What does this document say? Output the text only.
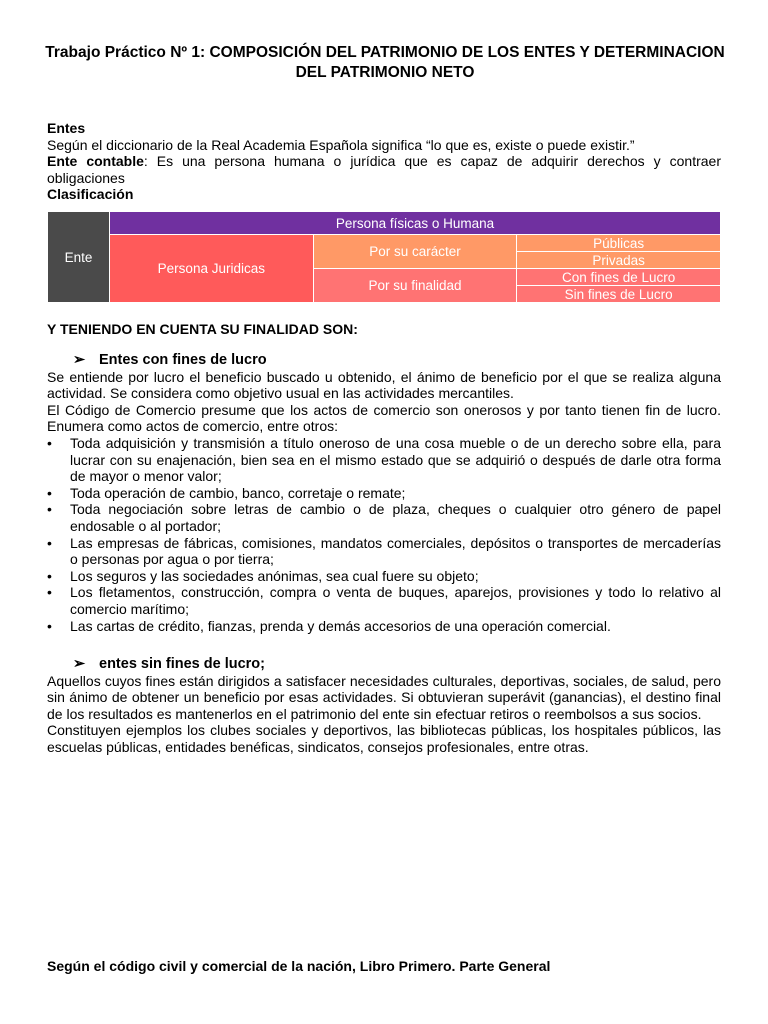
Trabajo Práctico Nº 1: COMPOSICIÓN DEL PATRIMONIO DE LOS ENTES Y DETERMINACION
DEL PATRIMONIO NETO

Entes

Según el diccionario de la Real Academia Española significa “lo que es, existe o puede existir.”

Ente contable: Es una persona humana o jurídica que es capaz de adquirir derechos y contraer obligaciones

Clasificación

Ente	Persona físicas o Humana		
	Persona Juridicas	Por su carácter	Públicas
			Privadas
		Por su finalidad	Con fines de Lucro
			Sin fines de Lucro
Y TENIENDO EN CUENTA SU FINALIDAD SON:

➢ Entes con fines de lucro

Se entiende por lucro el beneficio buscado u obtenido, el ánimo de beneficio por el que se realiza alguna actividad. Se considera como objetivo usual en las actividades mercantiles.

El Código de Comercio presume que los actos de comercio son onerosos y por tanto tienen fin de lucro. Enumera como actos de comercio, entre otros:

• Toda adquisición y transmisión a título oneroso de una cosa mueble o de un derecho sobre ella, para lucrar con su enajenación, bien sea en el mismo estado que se adquirió o después de darle otra forma de mayor o menor valor;
• Toda operación de cambio, banco, corretaje o remate;
• Toda negociación sobre letras de cambio o de plaza, cheques o cualquier otro género de papel endosable o al portador;
• Las empresas de fábricas, comisiones, mandatos comerciales, depósitos o transportes de mercaderías o personas por agua o por tierra;
• Los seguros y las sociedades anónimas, sea cual fuere su objeto;
• Los fletamentos, construcción, compra o venta de buques, aparejos, provisiones y todo lo relativo al comercio marítimo;
• Las cartas de crédito, fianzas, prenda y demás accesorios de una operación comercial.

➢ entes sin fines de lucro;

Aquellos cuyos fines están dirigidos a satisfacer necesidades culturales, deportivas, sociales, de salud, pero sin ánimo de obtener un beneficio por esas actividades. Si obtuvieran superávit (ganancias), el destino final de los resultados es mantenerlos en el patrimonio del ente sin efectuar retiros o reembolsos a sus socios.

Constituyen ejemplos los clubes sociales y deportivos, las bibliotecas públicas, los hospitales públicos, las escuelas públicas, entidades benéficas, sindicatos, consejos profesionales, entre otras.

Según el código civil y comercial de la nación, Libro Primero. Parte General
